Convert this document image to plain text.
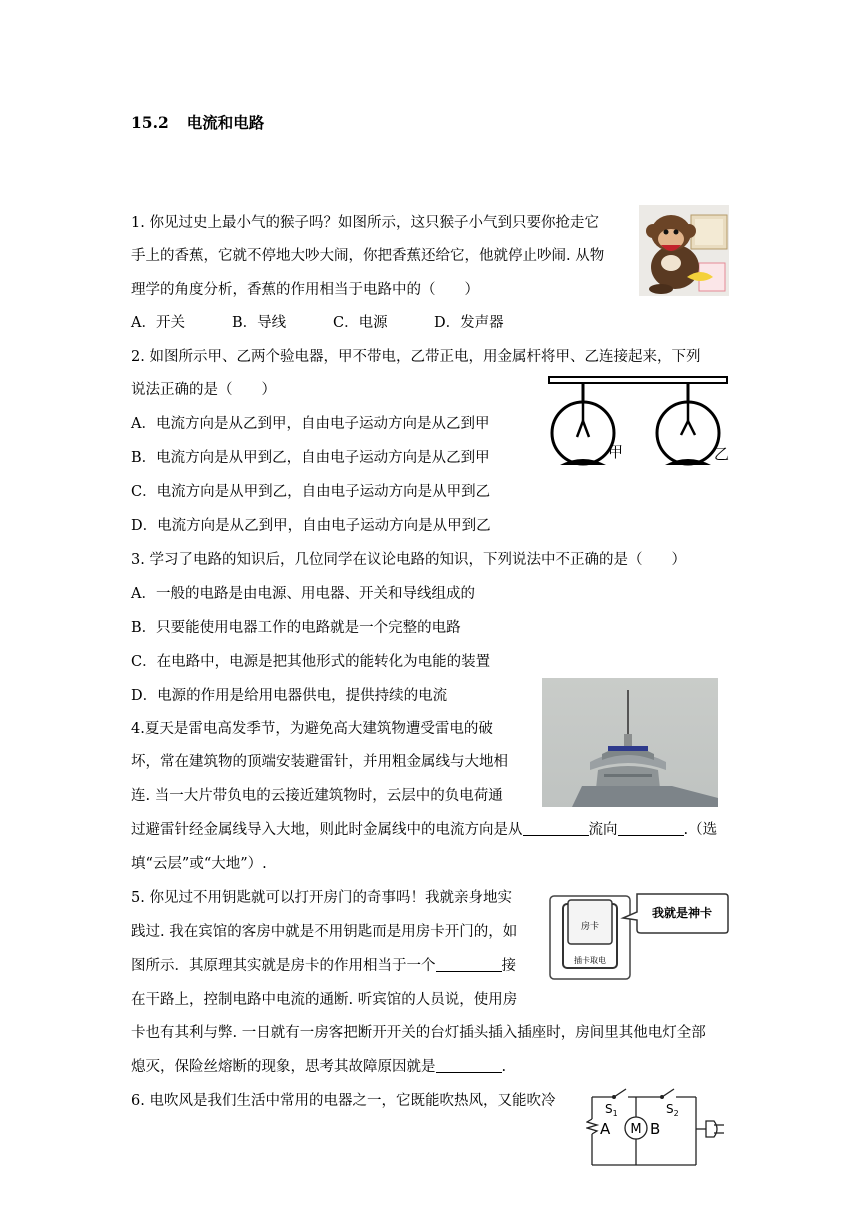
15.2 电流和电路
1. 你见过史上最小气的猴子吗？如图所示，这只猴子小气到只要你抢走它
手上的香蕉，它就不停地大吵大闹，你把香蕉还给它，他就停止吵闹. 从物
理学的角度分析，香蕉的作用相当于电路中的（　　）
A．开关	B．导线	C．电源	D．发声器
2. 如图所示甲、乙两个验电器，甲不带电，乙带正电，用金属杆将甲、乙连接起来，下列
说法正确的是（　　）
A．电流方向是从乙到甲，自由电子运动方向是从乙到甲
B．电流方向是从甲到乙，自由电子运动方向是从乙到甲
C．电流方向是从甲到乙，自由电子运动方向是从甲到乙
D．电流方向是从乙到甲，自由电子运动方向是从甲到乙
甲	乙
3. 学习了电路的知识后，几位同学在议论电路的知识，下列说法中不正确的是（　　）
A．一般的电路是由电源、用电器、开关和导线组成的
B．只要能使用电器工作的电路就是一个完整的电路
C．在电路中，电源是把其他形式的能转化为电能的装置
D．电源的作用是给用电器供电，提供持续的电流
4.夏天是雷电高发季节，为避免高大建筑物遭受雷电的破
坏，常在建筑物的顶端安装避雷针，并用粗金属线与大地相
连. 当一大片带负电的云接近建筑物时，云层中的负电荷通
过避雷针经金属线导入大地，则此时金属线中的电流方向是从	流向	.（选
填“云层”或“大地”）.
5. 你见过不用钥匙就可以打开房门的奇事吗！我就亲身地实
践过. 我在宾馆的客房中就是不用钥匙而是用房卡开门的，如
图所示．其原理其实就是房卡的作用相当于一个	接
在干路上，控制电路中电流的通断. 听宾馆的人员说，使用房
卡也有其利与弊. 一日就有一房客把断开开关的台灯插头插入插座时，房间里其他电灯全部
熄灭，保险丝熔断的现象，思考其故障原因就是	.
房卡
插卡取电
我就是神卡
6. 电吹风是我们生活中常用的电器之一，它既能吹热风，又能吹冷	$S_1$	$S_2$
A M B
